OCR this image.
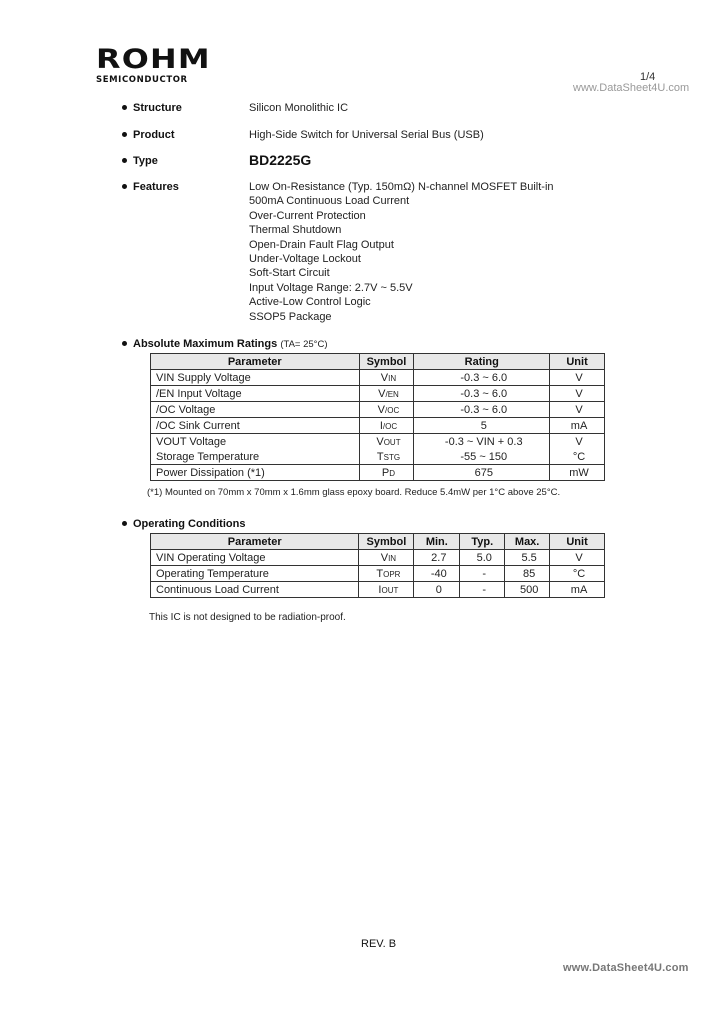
ROHM
SEMICONDUCTOR	1/4
www.DataSheet4U.com
Structure	Silicon Monolithic IC
Product	High-Side Switch for Universal Serial Bus (USB)
Type	BD2225G
Features	Low On-Resistance (Typ. 150mΩ) N-channel MOSFET Built-in
500mA Continuous Load Current
Over-Current Protection
Thermal Shutdown
Open-Drain Fault Flag Output
Under-Voltage Lockout
Soft-Start Circuit
Input Voltage Range: 2.7V ~ 5.5V
Active-Low Control Logic
SSOP5 Package
Absolute Maximum Ratings (TA= 25°C)
Parameter	Symbol	Rating	Unit
VIN Supply Voltage	VIN	-0.3 ~ 6.0	V
/EN Input Voltage	V/EN	-0.3 ~ 6.0	V
/OC Voltage	V/OC	-0.3 ~ 6.0	V
/OC Sink Current	I/OC	5	mA
VOUT Voltage	VOUT	-0.3 ~ VIN + 0.3	V
Storage Temperature	TSTG	-55 ~ 150	°C
Power Dissipation (*1)	PD	675	mW
(*1) Mounted on 70mm x 70mm x 1.6mm glass epoxy board. Reduce 5.4mW per 1°C above 25°C.
Operating Conditions
Parameter	Symbol	Min.	Typ.	Max.	Unit
VIN Operating Voltage	VIN	2.7	5.0	5.5	V
Operating Temperature	TOPR	-40	-	85	°C
Continuous Load Current	IOUT	0	-	500	mA
This IC is not designed to be radiation-proof.
REV. B
www.DataSheet4U.com
